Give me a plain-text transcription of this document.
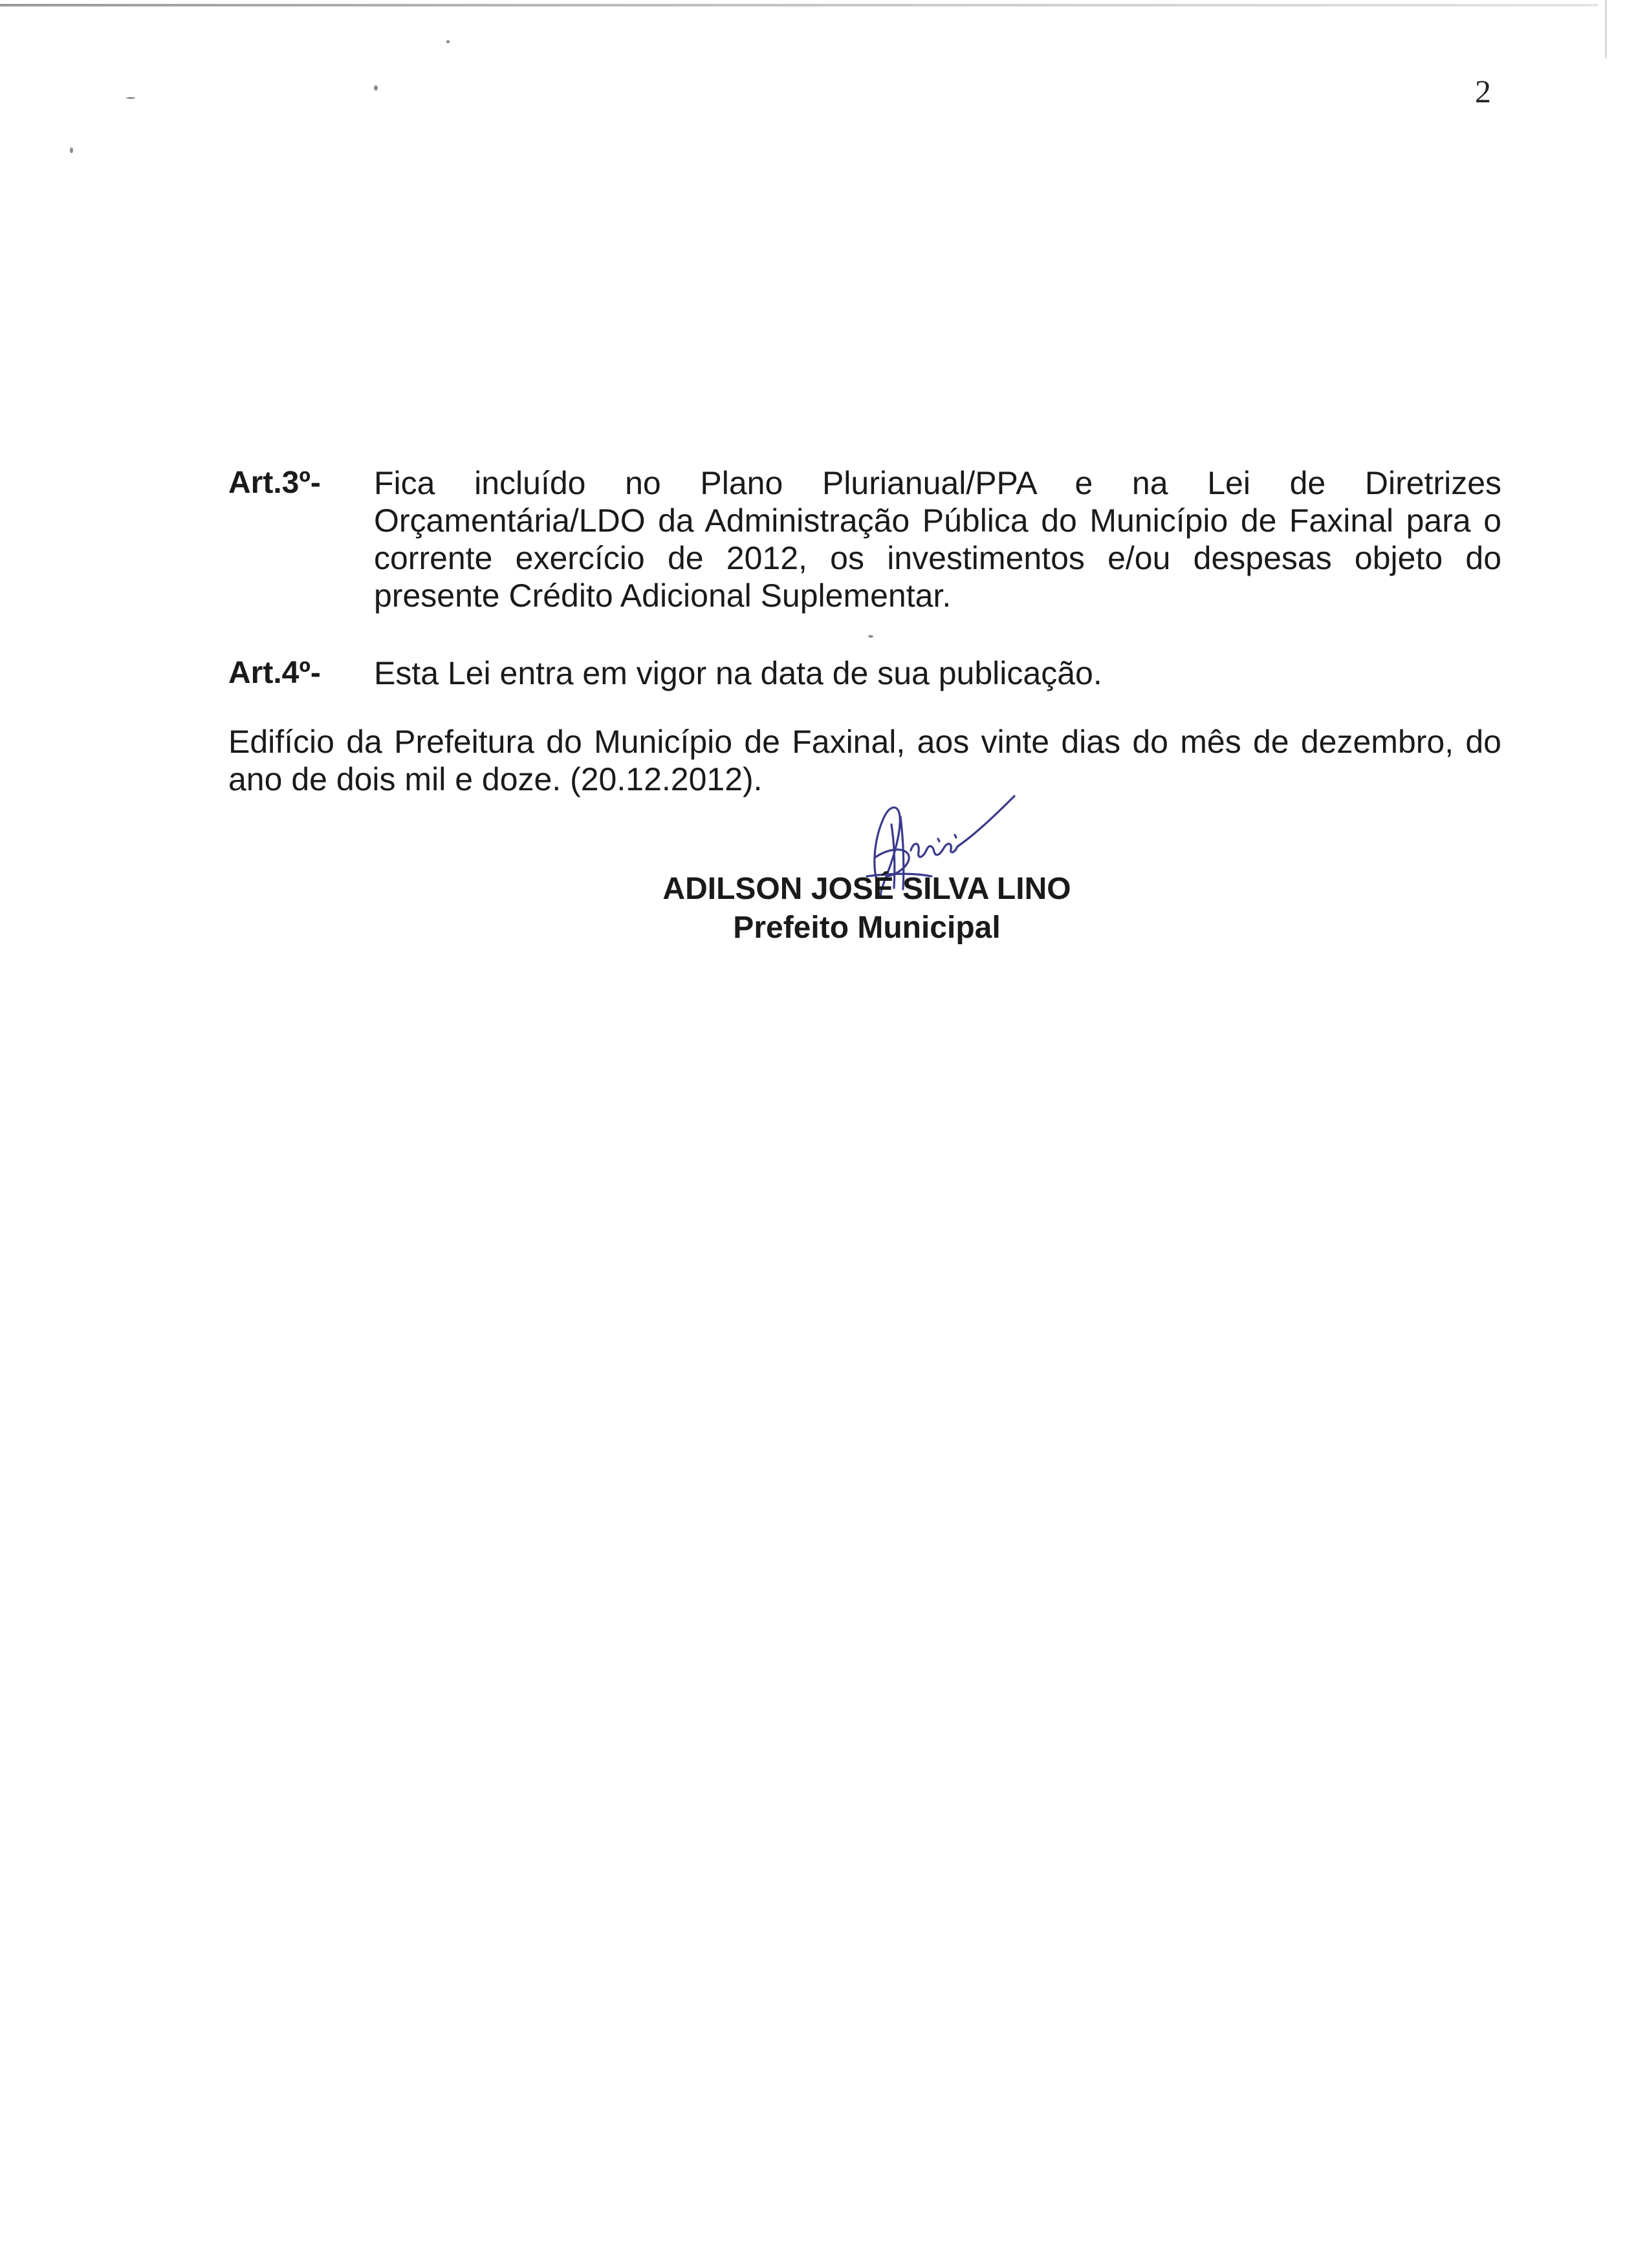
2
Art.3º- Fica incluído no Plano Plurianual/PPA e na Lei de Diretrizes Orçamentária/LDO da Administração Pública do Município de Faxinal para o corrente exercício de 2012, os investimentos e/ou despesas objeto do presente Crédito Adicional Suplementar.
Art.4º- Esta Lei entra em vigor na data de sua publicação.
Edifício da Prefeitura do Município de Faxinal, aos vinte dias do mês de dezembro, do ano de dois mil e doze. (20.12.2012).
ADILSON JOSÉ SILVA LINO
Prefeito Municipal
